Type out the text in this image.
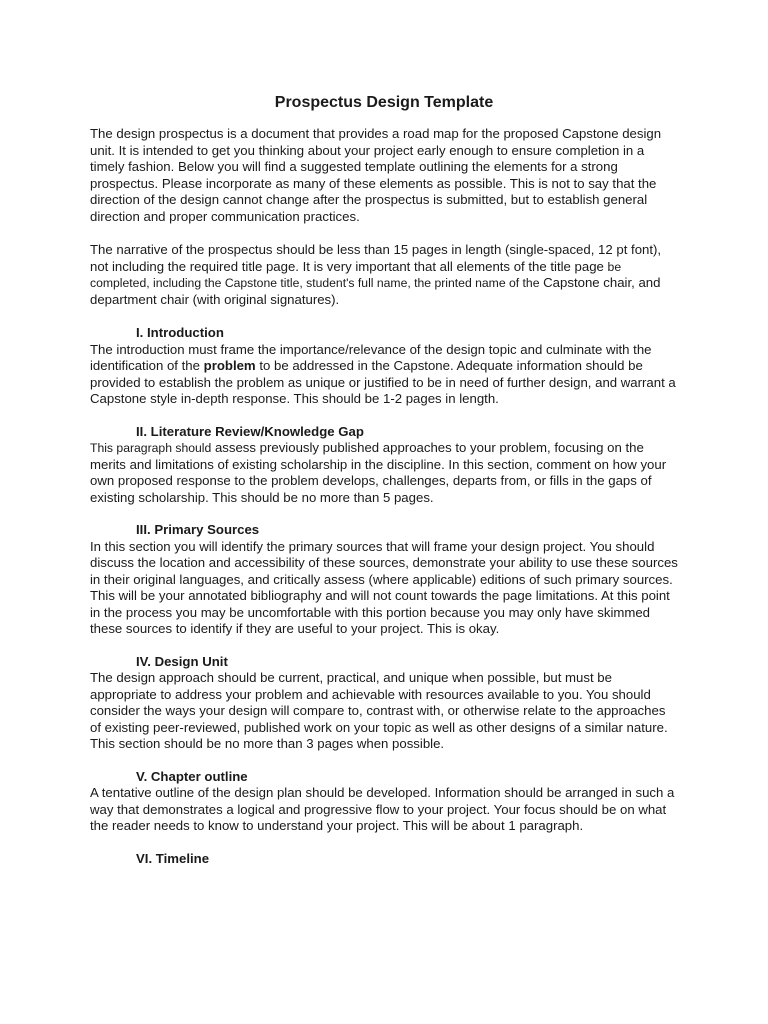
Prospectus Design Template

The design prospectus is a document that provides a road map for the proposed Capstone design unit. It is intended to get you thinking about your project early enough to ensure completion in a timely fashion. Below you will find a suggested template outlining the elements for a strong prospectus. Please incorporate as many of these elements as possible. This is not to say that the direction of the design cannot change after the prospectus is submitted, but to establish general direction and proper communication practices.

The narrative of the prospectus should be less than 15 pages in length (single-spaced, 12 pt font), not including the required title page. It is very important that all elements of the title page be completed, including the Capstone title, student's full name, the printed name of the Capstone chair, and department chair (with original signatures).

I. Introduction

The introduction must frame the importance/relevance of the design topic and culminate with the identification of the problem to be addressed in the Capstone. Adequate information should be provided to establish the problem as unique or justified to be in need of further design, and warrant a Capstone style in-depth response. This should be 1-2 pages in length.

II. Literature Review/Knowledge Gap

This paragraph should assess previously published approaches to your problem, focusing on the merits and limitations of existing scholarship in the discipline. In this section, comment on how your own proposed response to the problem develops, challenges, departs from, or fills in the gaps of existing scholarship. This should be no more than 5 pages.

III. Primary Sources

In this section you will identify the primary sources that will frame your design project. You should discuss the location and accessibility of these sources, demonstrate your ability to use these sources in their original languages, and critically assess (where applicable) editions of such primary sources. This will be your annotated bibliography and will not count towards the page limitations. At this point in the process you may be uncomfortable with this portion because you may only have skimmed these sources to identify if they are useful to your project. This is okay.

IV. Design Unit

The design approach should be current, practical, and unique when possible, but must be appropriate to address your problem and achievable with resources available to you. You should consider the ways your design will compare to, contrast with, or otherwise relate to the approaches of existing peer-reviewed, published work on your topic as well as other designs of a similar nature. This section should be no more than 3 pages when possible.

V. Chapter outline

A tentative outline of the design plan should be developed. Information should be arranged in such a way that demonstrates a logical and progressive flow to your project. Your focus should be on what the reader needs to know to understand your project. This will be about 1 paragraph.

VI. Timeline
